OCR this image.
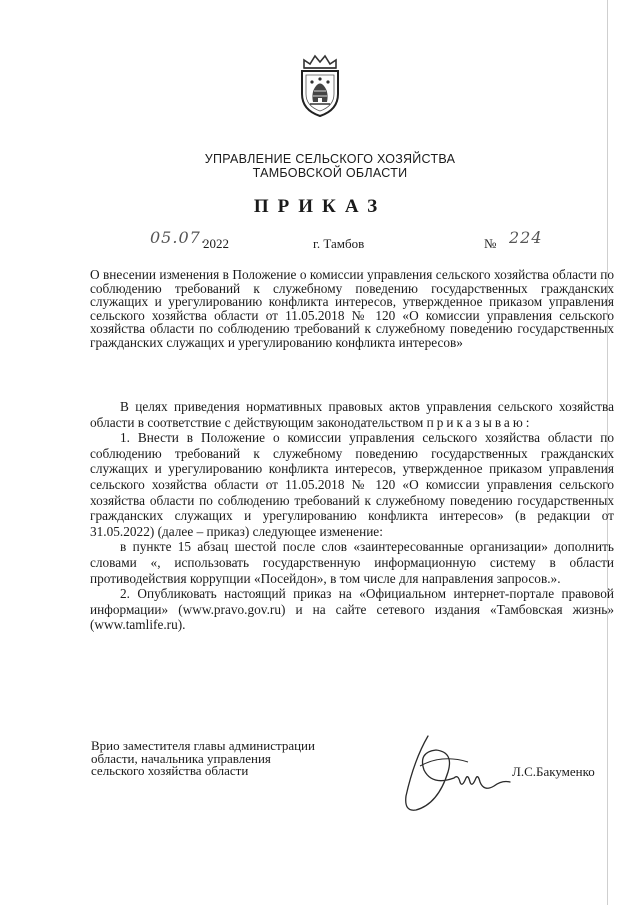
УПРАВЛЕНИЕ СЕЛЬСКОГО ХОЗЯЙСТВА
ТАМБОВСКОЙ ОБЛАСТИ
ПРИКАЗ
05.07.
2022	г. Тамбов	№ 224
О внесении изменения в Положение о комиссии управления сельского хозяйства области по соблюдению требований к служебному поведению государственных гражданских служащих и урегулированию конфликта интересов, утвержденное приказом управления сельского хозяйства области от 11.05.2018 № 120 «О комиссии управления сельского хозяйства области по соблюдению требований к служебному поведению государственных гражданских служащих и урегулированию конфликта интересов»

В целях приведения нормативных правовых актов управления сельского хозяйства области в соответствие с действующим законодательством приказываю:

1. Внести в Положение о комиссии управления сельского хозяйства области по соблюдению требований к служебному поведению государственных гражданских служащих и урегулированию конфликта интересов, утвержденное приказом управления сельского хозяйства области от 11.05.2018 № 120 «О комиссии управления сельского хозяйства области по соблюдению требований к служебному поведению государственных гражданских служащих и урегулированию конфликта интересов» (в редакции от 31.05.2022) (далее – приказ) следующее изменение:

в пункте 15 абзац шестой после слов «заинтересованные организации» дополнить словами «, использовать государственную информационную систему в области противодействия коррупции «Посейдон», в том числе для направления запросов.».

2. Опубликовать настоящий приказ на «Официальном интернет-портале правовой информации» (www.pravo.gov.ru) и на сайте сетевого издания «Тамбовская жизнь» (www.tamlife.ru).

Врио заместителя главы администрации
области, начальника управления
сельского хозяйства области	Л.С.Бакуменко
